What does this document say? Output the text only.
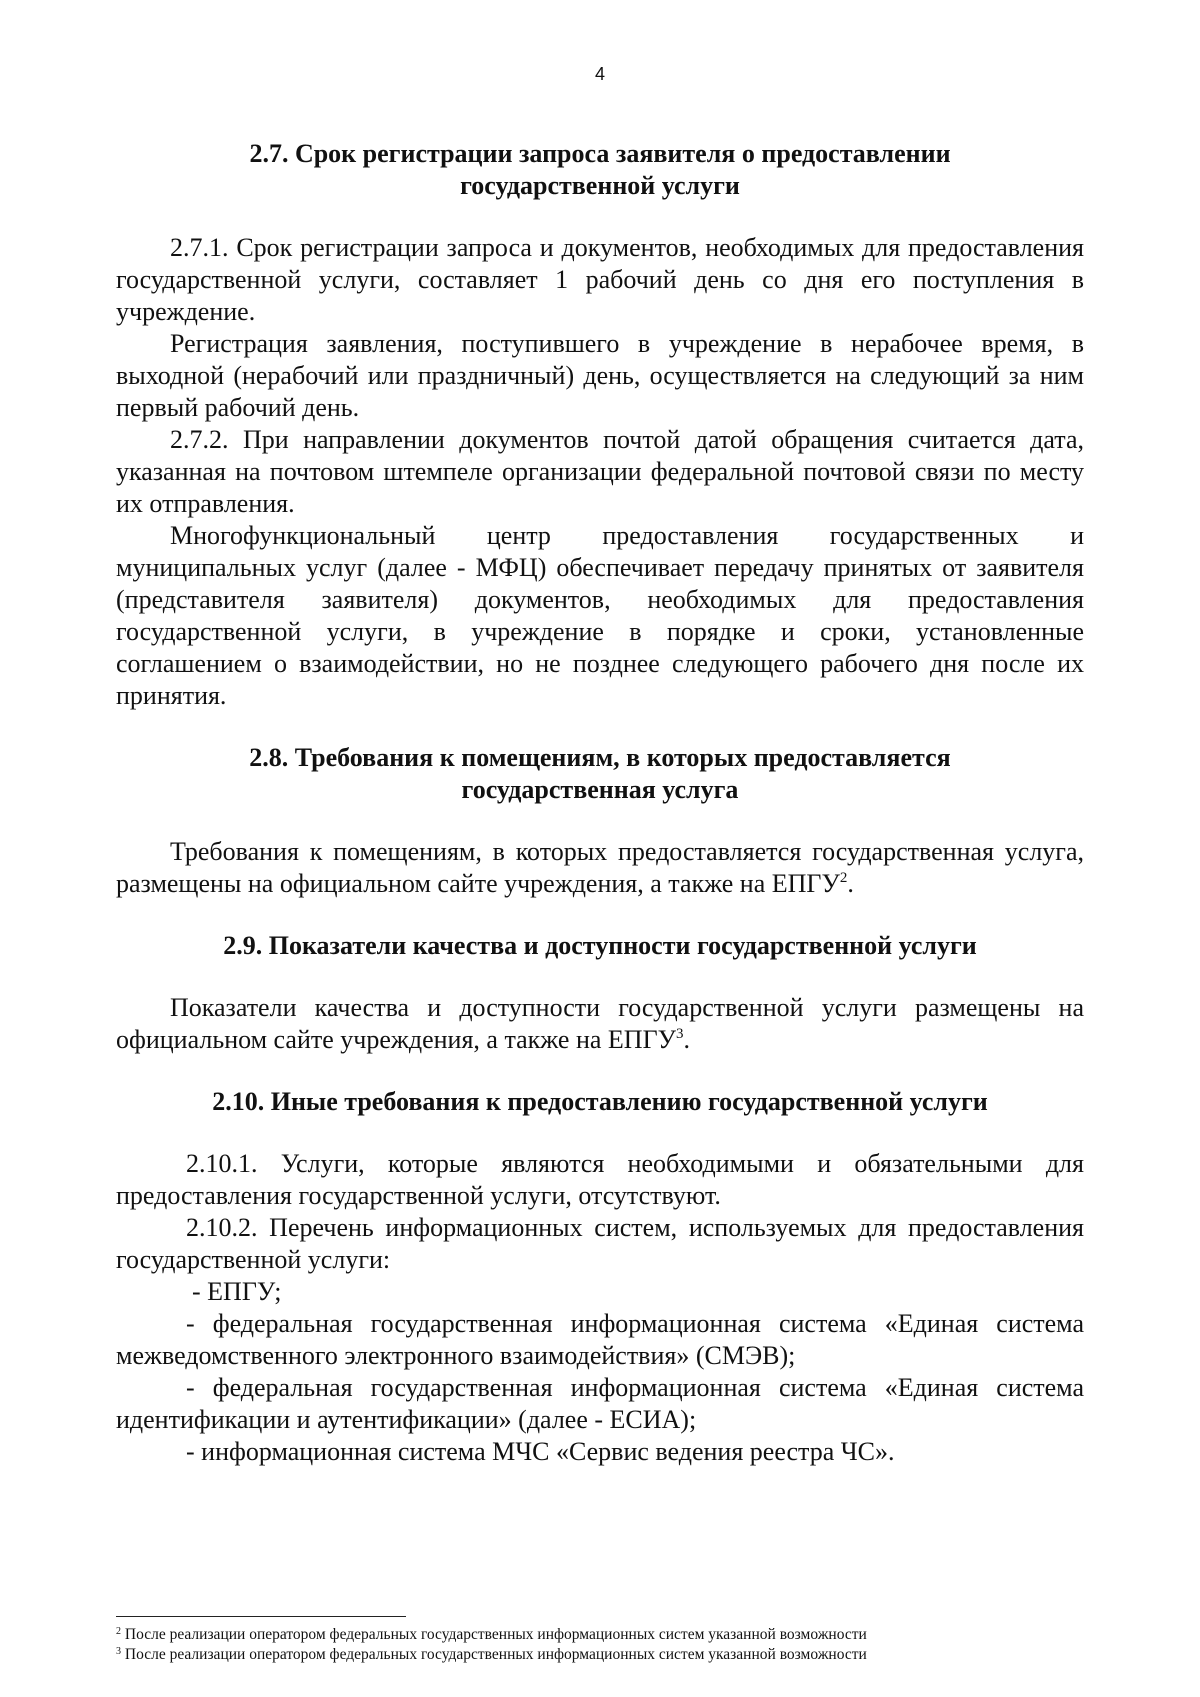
4

2.7. Срок регистрации запроса заявителя о предоставлении

государственной услуги

2.7.1. Срок регистрации запроса и документов, необходимых для предоставления государственной услуги, составляет 1 рабочий день со дня его поступления в учреждение.

Регистрация заявления, поступившего в учреждение в нерабочее время, в выходной (нерабочий или праздничный) день, осуществляется на следующий за ним первый рабочий день.

2.7.2. При направлении документов почтой датой обращения считается дата, указанная на почтовом штемпеле организации федеральной почтовой связи по месту их отправления.

Многофункциональный центр предоставления государственных и муниципальных услуг (далее - МФЦ) обеспечивает передачу принятых от заявителя (представителя заявителя) документов, необходимых для предоставления государственной услуги, в учреждение в порядке и сроки, установленные соглашением о взаимодействии, но не позднее следующего рабочего дня после их принятия.

2.8. Требования к помещениям, в которых предоставляется

государственная услуга

Требования к помещениям, в которых предоставляется государственная услуга, размещены на официальном сайте учреждения, а также на ЕПГУ$^2$.

2.9. Показатели качества и доступности государственной услуги

Показатели качества и доступности государственной услуги размещены на официальном сайте учреждения, а также на ЕПГУ$^3$.

2.10. Иные требования к предоставлению государственной услуги

2.10.1. Услуги, которые являются необходимыми и обязательными для предоставления государственной услуги, отсутствуют.

2.10.2. Перечень информационных систем, используемых для предоставления государственной услуги:

- ЕПГУ;

- федеральная государственная информационная система «Единая система межведомственного электронного взаимодействия» (СМЭВ);

- федеральная государственная информационная система «Единая система идентификации и аутентификации» (далее - ЕСИА);

- информационная система МЧС «Сервис ведения реестра ЧС».

$^2$ После реализации оператором федеральных государственных информационных систем указанной возможности
$^3$ После реализации оператором федеральных государственных информационных систем указанной возможности
